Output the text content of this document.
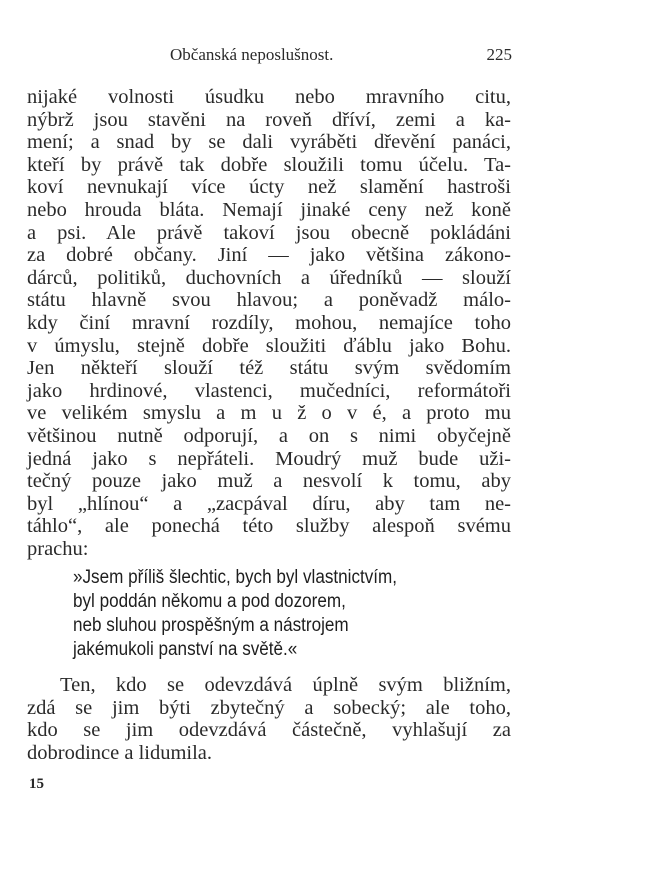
Občanská neposlušnost.	225
nijaké volnosti úsudku nebo mravního citu,
nýbrž jsou stavěni na roveň dříví, zemi a ka-
mení; a snad by se dali vyráběti dřevění panáci,
kteří by právě tak dobře sloužili tomu účelu. Ta-
koví nevnukají více úcty než slamění hastroši
nebo hrouda bláta. Nemají jinaké ceny než koně
a psi. Ale právě takoví jsou obecně pokládáni
za dobré občany. Jiní — jako většina zákono-
dárců, politiků, duchovních a úředníků — slouží
státu hlavně svou hlavou; a poněvadž málo-
kdy činí mravní rozdíly, mohou, nemajíce toho
v úmyslu, stejně dobře sloužiti ďáblu jako Bohu.
Jen někteří slouží též státu svým svědomím
jako hrdinové, vlastenci, mučedníci, reformátoři
ve velikém smyslu a m u ž o v é, a proto mu
většinou nutně odporují, a on s nimi obyčejně
jedná jako s nepřáteli. Moudrý muž bude uži-
tečný pouze jako muž a nesvolí k tomu, aby
byl „hlínou“ a „zacpával díru, aby tam ne-
táhlo“, ale ponechá této služby alespoň svému
prachu:
»Jsem příliš šlechtic, bych byl vlastnictvím,
byl poddán někomu a pod dozorem,
neb sluhou prospěšným a nástrojem
jakémukoli panství na světě.«
Ten, kdo se odevzdává úplně svým bližním,
zdá se jim býti zbytečný a sobecký; ale toho,
kdo se jim odevzdává částečně, vyhlašují za
dobrodince a lidumila.
15
